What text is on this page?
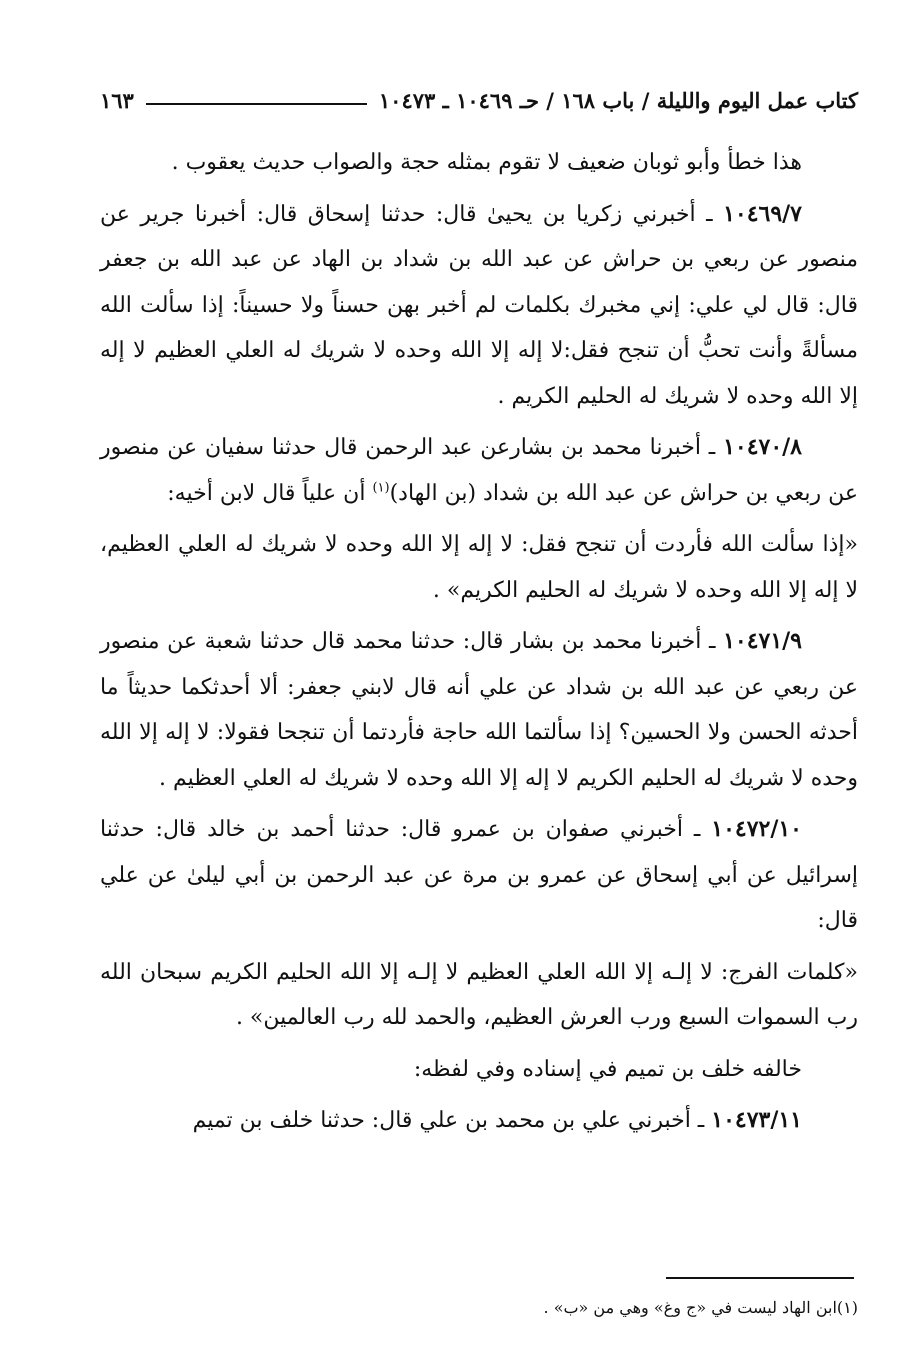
كتاب عمل اليوم والليلة / باب ١٦٨ / حـ ١٠٤٦٩ ـ ١٠٤٧٣
١٦٣

هذا خطأ وأبو ثوبان ضعيف لا تقوم بمثله حجة والصواب حديث يعقوب .

١٠٤٦٩/٧ ـ أخبرني زكريا بن يحيىٰ قال: حدثنا إسحاق قال: أخبرنا جرير عن منصور عن ربعي بن حراش عن عبد الله بن شداد بن الهاد عن عبد الله بن جعفر قال: قال لي علي: إني مخبرك بكلمات لم أخبر بهن حسناً ولا حسيناً: إذا سألت الله مسألةً وأنت تحبُّ أن تنجح فقل:لا إله إلا الله وحده لا شريك له العلي العظيم لا إله إلا الله وحده لا شريك له الحليم الكريم .

١٠٤٧٠/٨ ـ أخبرنا محمد بن بشارعن عبد الرحمن قال حدثنا سفيان عن منصور عن ربعي بن حراش عن عبد الله بن شداد (بن الهاد)$^{(١)}$ أن علياً قال لابن أخيه:

«إذا سألت الله فأردت أن تنجح فقل: لا إله إلا الله وحده لا شريك له العلي العظيم، لا إله إلا الله وحده لا شريك له الحليم الكريم» .

١٠٤٧١/٩ ـ أخبرنا محمد بن بشار قال: حدثنا محمد قال حدثنا شعبة عن منصور عن ربعي عن عبد الله بن شداد عن علي أنه قال لابني جعفر: ألا أحدثكما حديثاً ما أحدثه الحسن ولا الحسين؟ إذا سألتما الله حاجة فأردتما أن تنجحا فقولا: لا إله إلا الله وحده لا شريك له الحليم الكريم لا إله إلا الله وحده لا شريك له العلي العظيم .

١٠٤٧٢/١٠ ـ أخبرني صفوان بن عمرو قال: حدثنا أحمد بن خالد قال: حدثنا إسرائيل عن أبي إسحاق عن عمرو بن مرة عن عبد الرحمن بن أبي ليلىٰ عن علي قال:

«كلمات الفرج: لا إلـه إلا الله العلي العظيم لا إلـه إلا الله الحليم الكريم سبحان الله رب السموات السبع ورب العرش العظيم، والحمد لله رب العالمين» .

خالفه خلف بن تميم في إسناده وفي لفظه:

١٠٤٧٣/١١ ـ أخبرني علي بن محمد بن علي قال: حدثنا خلف بن تميم

(١)ابن الهاد ليست في «ج وغ» وهي من «ب» .
